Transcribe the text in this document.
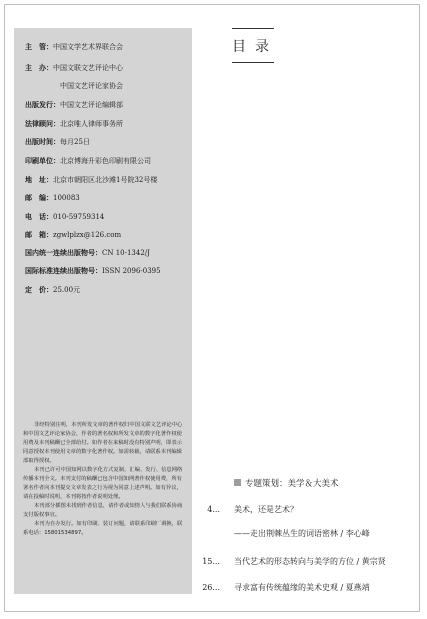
主　管：中国文学艺术界联合会
主　办：中国文联文艺评论中心
中国文艺评论家协会
出版发行：中国文艺评论编辑部
法律顾问：北京唯人律师事务所
出版时间：每月25日
印刷单位：北京博海升彩色印刷有限公司
地　址：北京市朝阳区北沙滩1号院32号楼
邮　编：100083
电　话：010-59759314
邮　箱：zgwlplzx@126.com
国内统一连续出版物号：CN 10-1342/J
国际标准连续出版物号：ISSN 2096-0395
定　价：25.00元

非经特别注明，本刊所发文章的著作权归中国文联文艺评论中心和中国文艺评论家协会，作者的著名权和所发文章的数字化著作权使用费及本刊稿酬已全部给付。如作者在来稿时没有特别声明，即表示同意授权本刊使用文章的数字化著作权。如需转载，请联系本刊编辑部取得授权。

本刊已许可中国知网以数字化方式复制、汇编、发行、信息网络传播本刊全文。本刊支付的稿酬已包含中国知网著作权使用费，所有署名作者向本刊提交文章发表之行为视为同意上述声明。如有异议，请在投稿时说明，本刊将按作者说明处理。

本刊部分插图未找到作者信息，请作者或知情人与我们联系协商支付版权事宜。

本刊为自办发行。如有印刷、装订问题，请联系印刷厂调换，联系电话：15801534897。

目录
专题策划：美学＆大美术
4... 美术，还是艺术？
——走出荆棘丛生的词语密林 / 李心峰
15... 当代艺术的形态转向与美学的方位 / 黄宗贤
26... 寻求富有传统蕴缘的美术史观 / 夏燕靖
